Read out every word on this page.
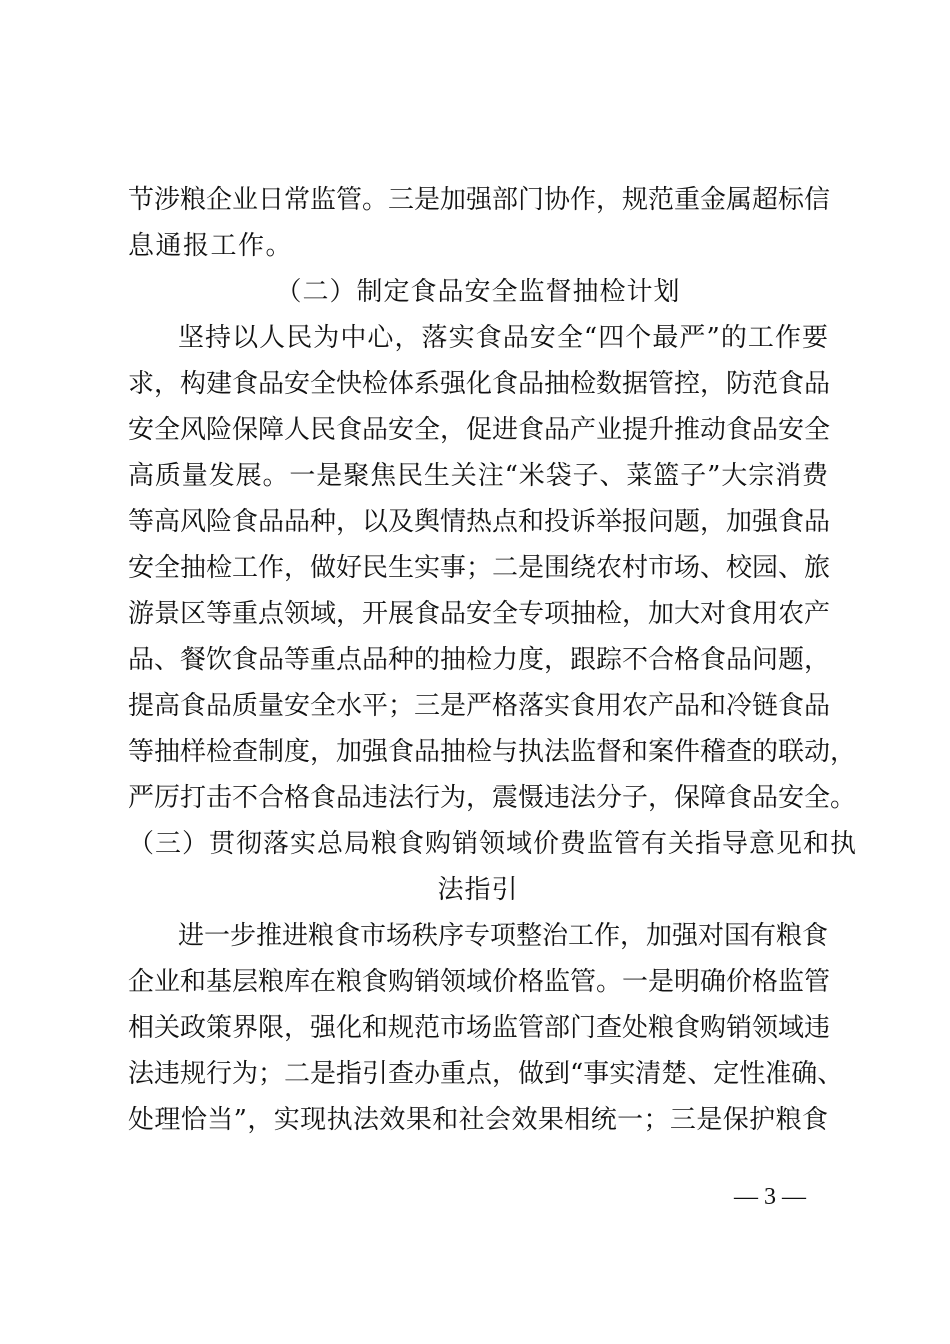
节涉粮企业日常监管。三是加强部门协作，规范重金属超标信
息通报工作。
（二）制定食品安全监督抽检计划
坚持以人民为中心，落实食品安全“四个最严”的工作要
求，构建食品安全快检体系强化食品抽检数据管控，防范食品
安全风险保障人民食品安全，促进食品产业提升推动食品安全
高质量发展。一是聚焦民生关注“米袋子、菜篮子”大宗消费
等高风险食品品种，以及舆情热点和投诉举报问题，加强食品
安全抽检工作，做好民生实事；二是围绕农村市场、校园、旅
游景区等重点领域，开展食品安全专项抽检，加大对食用农产
品、餐饮食品等重点品种的抽检力度，跟踪不合格食品问题，
提高食品质量安全水平；三是严格落实食用农产品和冷链食品
等抽样检查制度，加强食品抽检与执法监督和案件稽查的联动，
严厉打击不合格食品违法行为，震慑违法分子，保障食品安全。
（三）贯彻落实总局粮食购销领域价费监管有关指导意见和执
法指引
进一步推进粮食市场秩序专项整治工作，加强对国有粮食
企业和基层粮库在粮食购销领域价格监管。一是明确价格监管
相关政策界限，强化和规范市场监管部门查处粮食购销领域违
法违规行为；二是指引查办重点，做到“事实清楚、定性准确、
处理恰当”，实现执法效果和社会效果相统一；三是保护粮食
— 3 —
